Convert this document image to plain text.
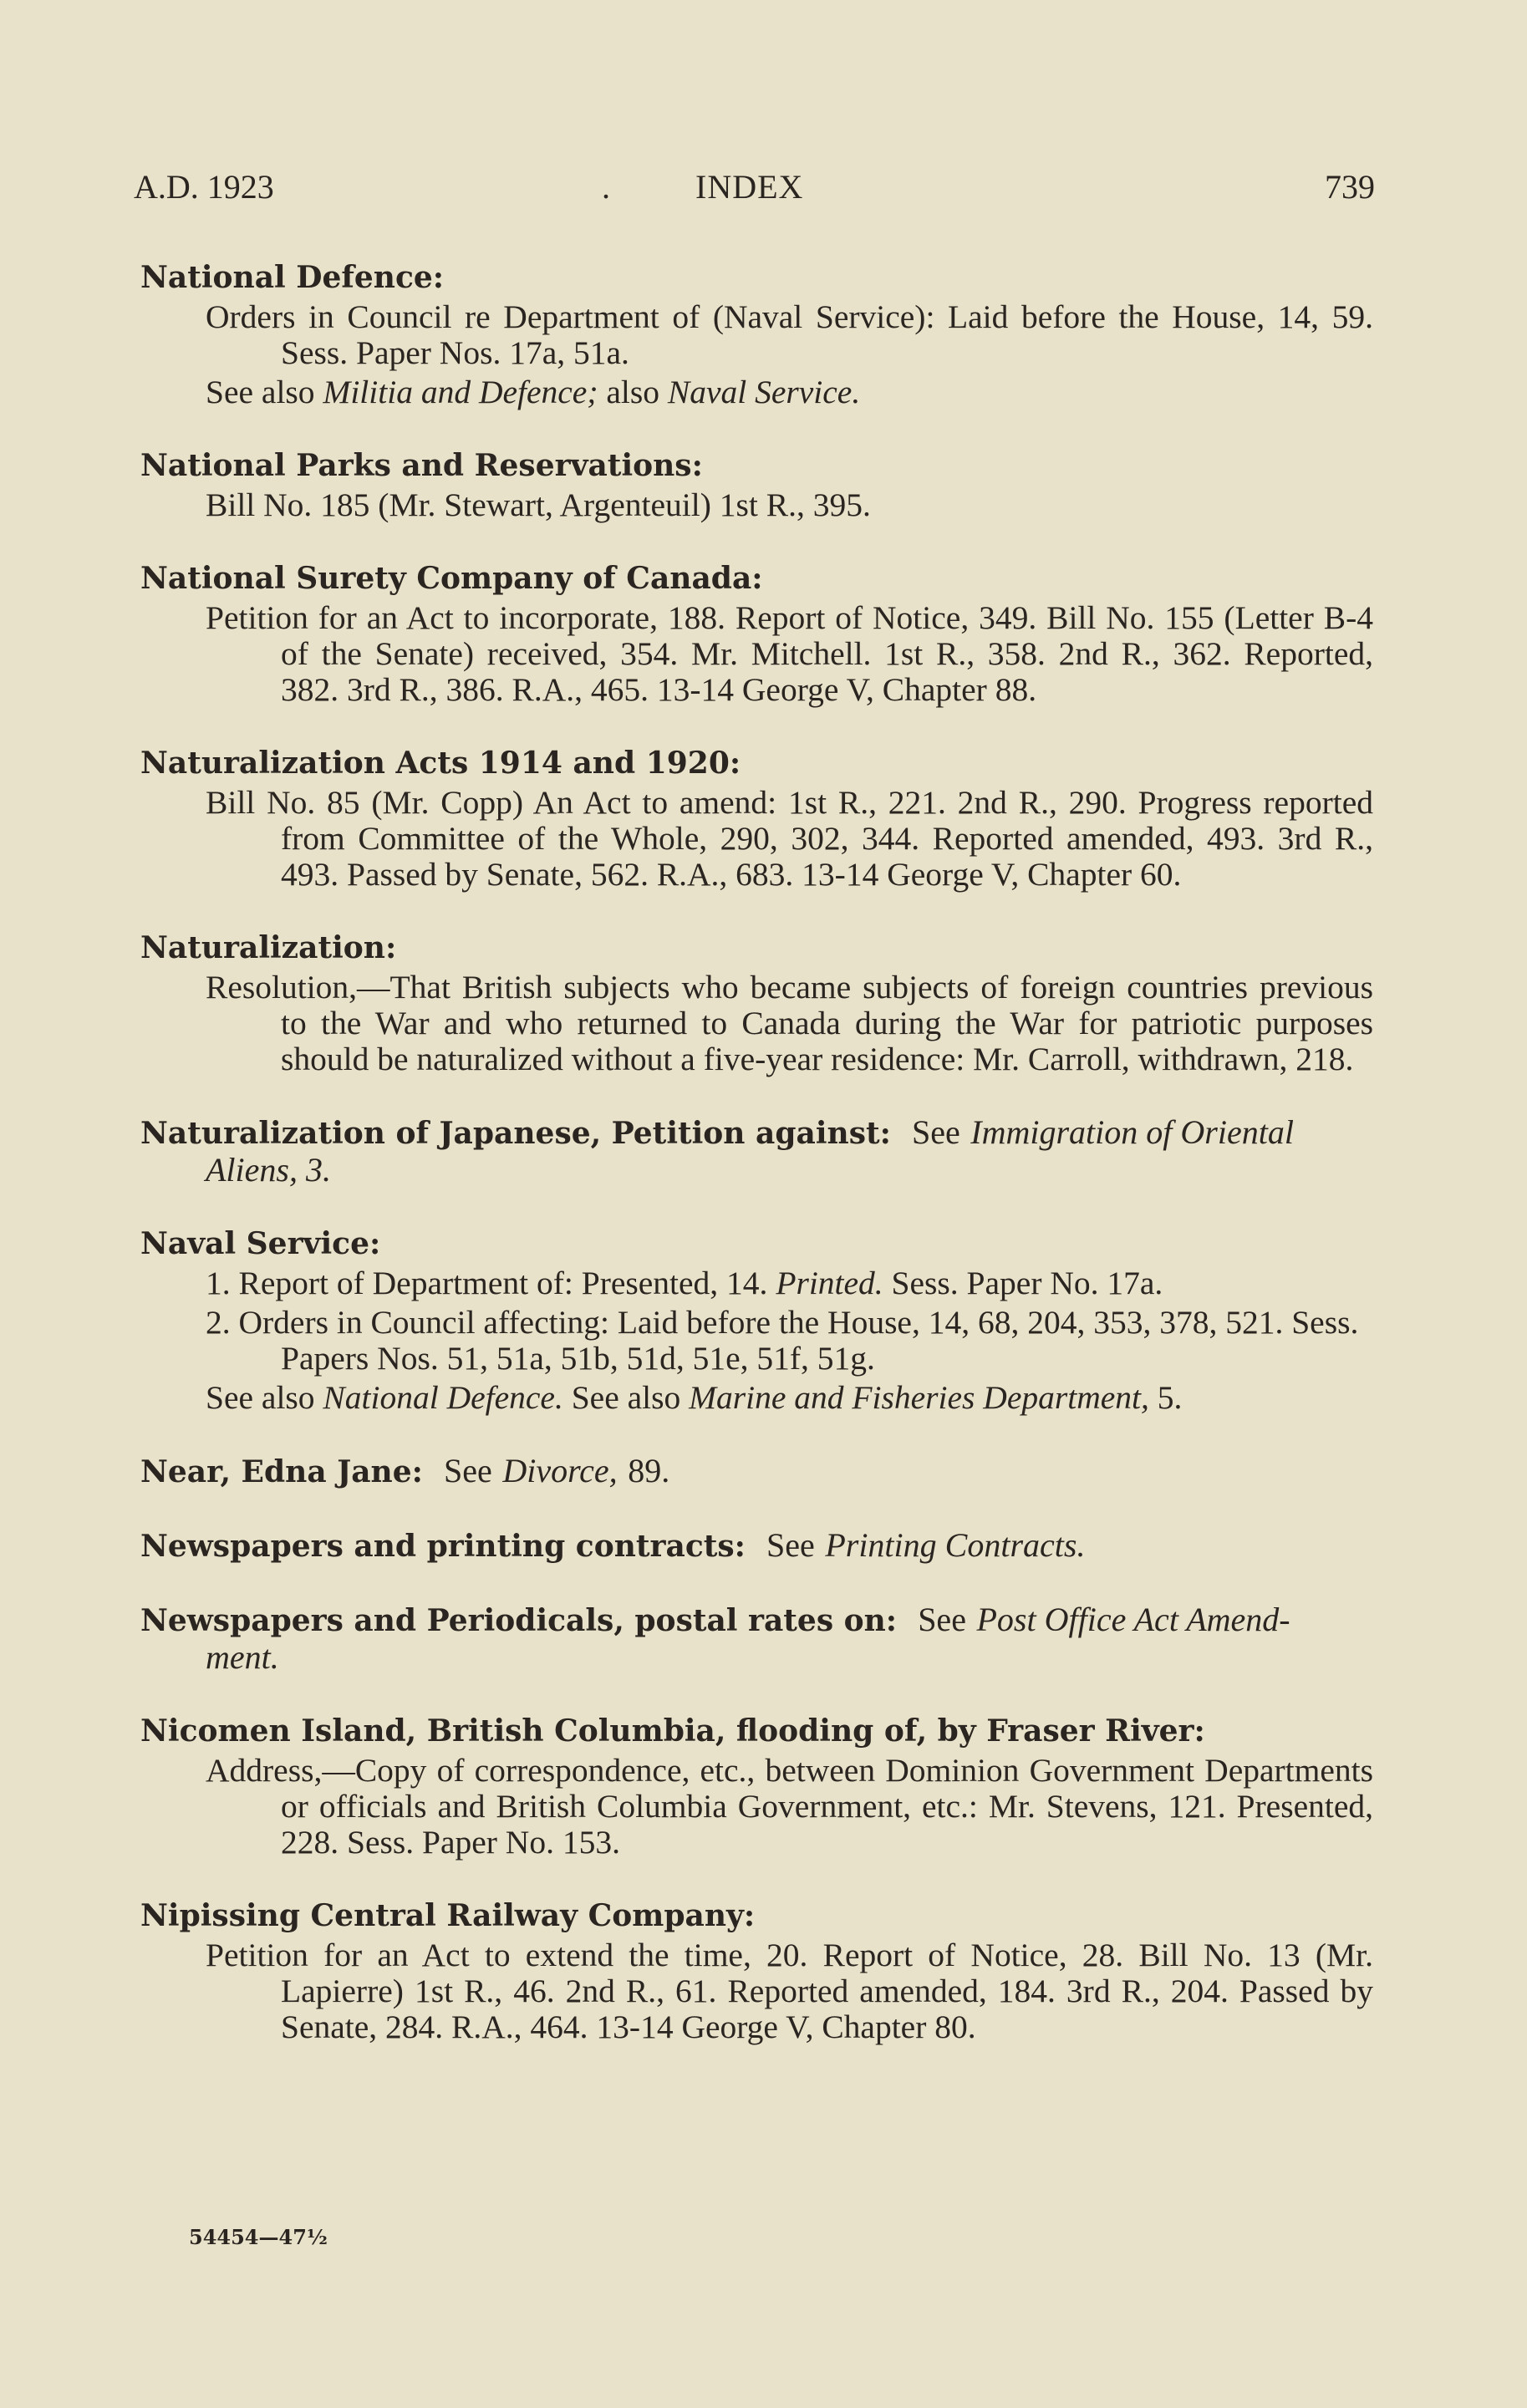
A.D. 1923	.	INDEX	739
National Defence:
Orders in Council re Department of (Naval Service): Laid before the House, 14, 59. Sess. Paper Nos. 17a, 51a.
See also Militia and Defence; also Naval Service.
National Parks and Reservations:
Bill No. 185 (Mr. Stewart, Argenteuil) 1st R., 395.
National Surety Company of Canada:
Petition for an Act to incorporate, 188. Report of Notice, 349. Bill No. 155 (Letter B-4 of the Senate) received, 354. Mr. Mitchell. 1st R., 358. 2nd R., 362. Reported, 382. 3rd R., 386. R.A., 465. 13-14 George V, Chapter 88.
Naturalization Acts 1914 and 1920:
Bill No. 85 (Mr. Copp) An Act to amend: 1st R., 221. 2nd R., 290. Progress reported from Committee of the Whole, 290, 302, 344. Reported amended, 493. 3rd R., 493. Passed by Senate, 562. R.A., 683. 13-14 George V, Chapter 60.
Naturalization:
Resolution,—That British subjects who became subjects of foreign countries previous to the War and who returned to Canada during the War for patriotic purposes should be naturalized without a five-year residence: Mr. Carroll, withdrawn, 218.
Naturalization of Japanese, Petition against: See Immigration of Oriental
Aliens, 3.
Naval Service:
1. Report of Department of: Presented, 14. Printed. Sess. Paper No. 17a.
2. Orders in Council affecting: Laid before the House, 14, 68, 204, 353, 378, 521. Sess. Papers Nos. 51, 51a, 51b, 51d, 51e, 51f, 51g.
See also National Defence. See also Marine and Fisheries Department, 5.
Near, Edna Jane: See Divorce, 89.
Newspapers and printing contracts: See Printing Contracts.
Newspapers and Periodicals, postal rates on: See Post Office Act Amend-
ment.
Nicomen Island, British Columbia, flooding of, by Fraser River:
Address,—Copy of correspondence, etc., between Dominion Government Departments or officials and British Columbia Government, etc.: Mr. Stevens, 121. Presented, 228. Sess. Paper No. 153.
Nipissing Central Railway Company:
Petition for an Act to extend the time, 20. Report of Notice, 28. Bill No. 13 (Mr. Lapierre) 1st R., 46. 2nd R., 61. Reported amended, 184. 3rd R., 204. Passed by Senate, 284. R.A., 464. 13-14 George V, Chapter 80.
54454—47½
